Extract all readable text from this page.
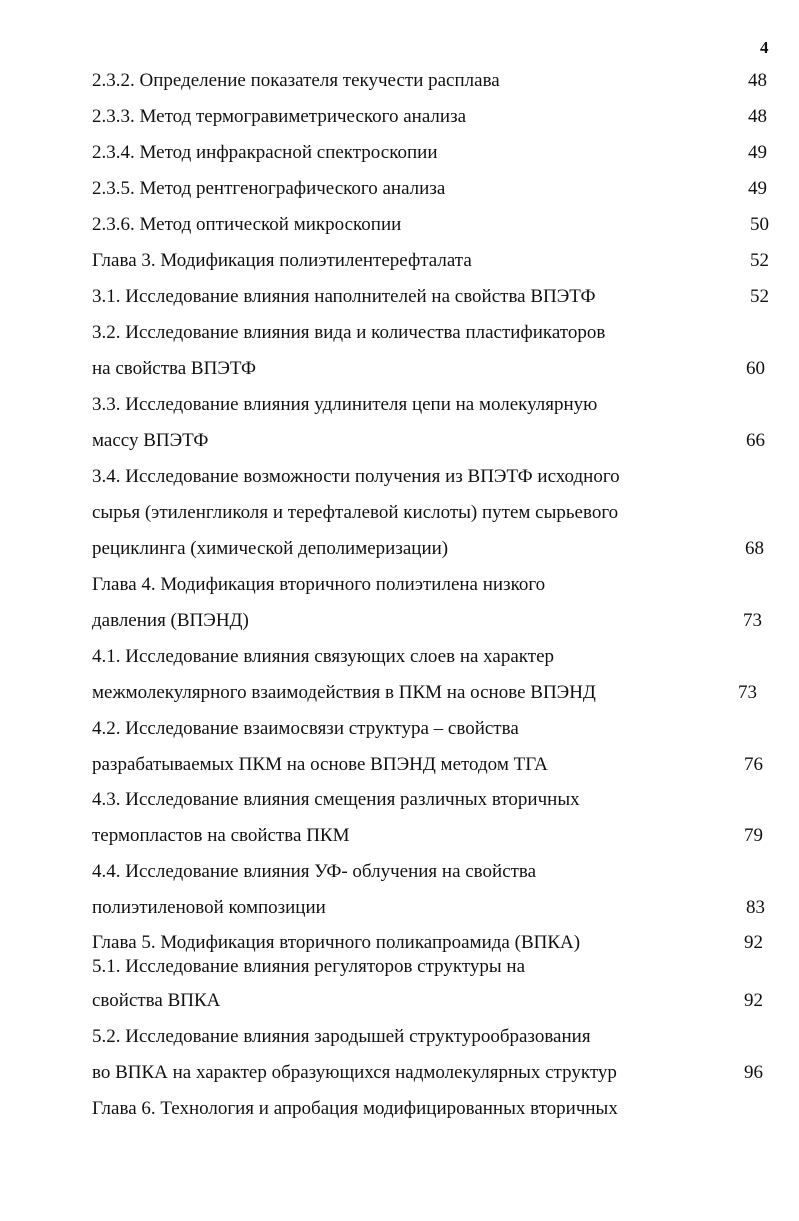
4
2.3.2. Определение показателя текучести расплава	48
2.3.3. Метод термогравиметрического анализа	48
2.3.4. Метод инфракрасной спектроскопии	49
2.3.5. Метод рентгенографического анализа	49
2.3.6. Метод оптической микроскопии	50
Глава 3. Модификация полиэтилентерефталата	52
3.1. Исследование влияния наполнителей на свойства ВПЭТФ	52
3.2. Исследование влияния вида и количества пластификаторов
на свойства ВПЭТФ	60
3.3. Исследование влияния удлинителя цепи на молекулярную
массу ВПЭТФ	66
3.4. Исследование возможности получения из ВПЭТФ исходного
сырья (этиленгликоля и терефталевой кислоты) путем сырьевого
рециклинга (химической деполимеризации)	68
Глава 4. Модификация вторичного полиэтилена низкого
давления (ВПЭНД)	73
4.1. Исследование влияния связующих слоев на характер
межмолекулярного взаимодействия в ПКМ на основе ВПЭНД	73
4.2. Исследование взаимосвязи структура – свойства
разрабатываемых ПКМ на основе ВПЭНД методом ТГА	76
4.3. Исследование влияния смещения различных вторичных
термопластов на свойства ПКМ	79
4.4. Исследование влияния УФ- облучения на свойства
полиэтиленовой композиции	83
Глава 5. Модификация вторичного поликапроамида (ВПКА)	92
5.1. Исследование влияния регуляторов структуры на
свойства ВПКА	92
5.2. Исследование влияния зародышей структурообразования
во ВПКА на характер образующихся надмолекулярных структур	96
Глава 6. Технология и апробация модифицированных вторичных
